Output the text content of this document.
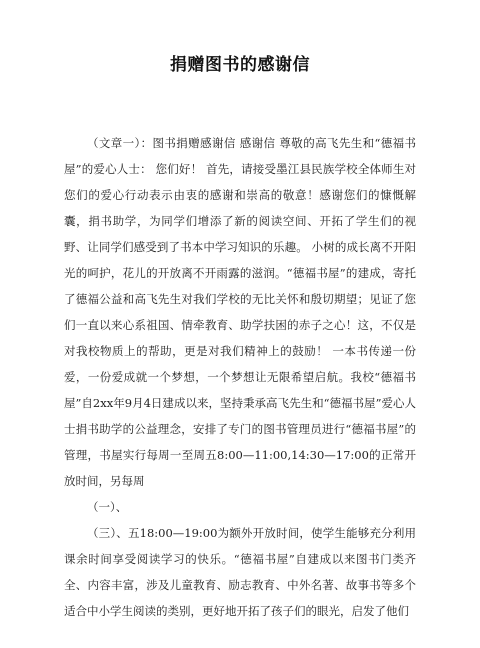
捐赠图书的感谢信

（文章一）：图书捐赠感谢信 感谢信 尊敬的高飞先生和“德福书屋”的爱心人士： 您们好！ 首先，请接受墨江县民族学校全体师生对您们的爱心行动表示由衷的感谢和崇高的敬意！感谢您们的慷慨解囊，捐书助学，为同学们增添了新的阅读空间、开拓了学生们的视野、让同学们感受到了书本中学习知识的乐趣。 小树的成长离不开阳光的呵护，花儿的开放离不开雨露的滋润。“德福书屋”的建成，寄托了德福公益和高飞先生对我们学校的无比关怀和殷切期望；见证了您们一直以来心系祖国、情牵教育、助学扶困的赤子之心！这，不仅是对我校物质上的帮助，更是对我们精神上的鼓励！ 一本书传递一份爱，一份爱成就一个梦想，一个梦想让无限希望启航。我校“德福书屋”自2xx年9月4日建成以来，坚持秉承高飞先生和“德福书屋”爱心人士捐书助学的公益理念，安排了专门的图书管理员进行“德福书屋”的管理，书屋实行每周一至周五8:00—11:00,14:30—17:00的正常开放时间，另每周

（一）、

（三）、五18:00—19:00为额外开放时间，使学生能够充分利用课余时间享受阅读学习的快乐。“德福书屋”自建成以来图书门类齐全、内容丰富，涉及儿童教育、励志教育、中外名著、故事书等多个适合中小学生阅读的类别，更好地开拓了孩子们的眼光，启发了他们
